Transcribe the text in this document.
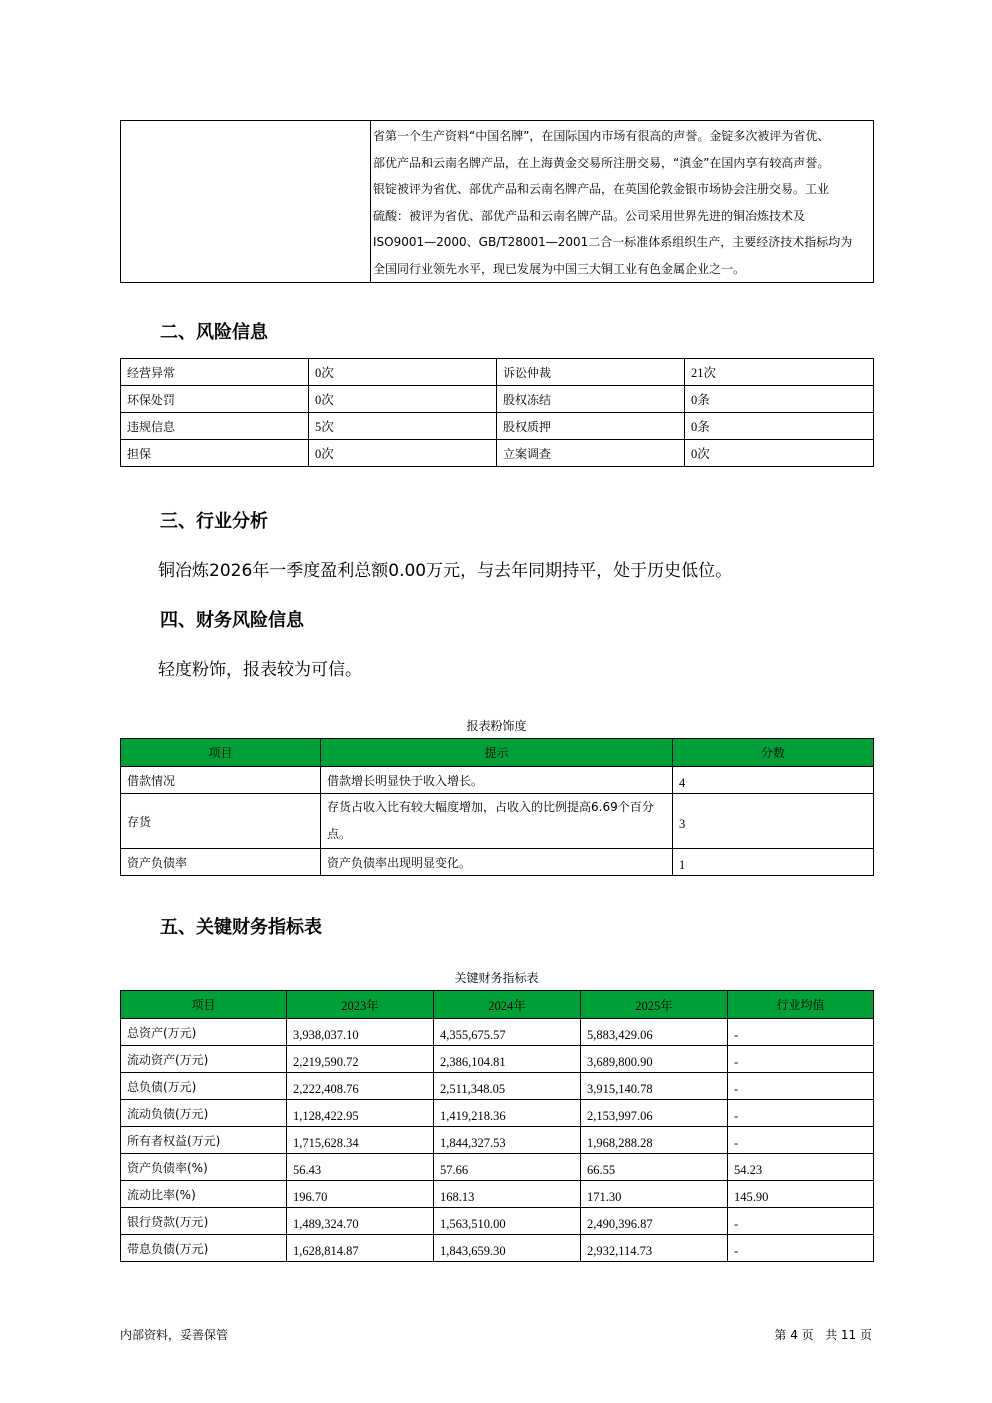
省第一个生产资料“中国名牌”，在国际国内市场有很高的声誉。金锭多次被评为省优、
部优产品和云南名牌产品，在上海黄金交易所注册交易，“滇金”在国内享有较高声誉。
银锭被评为省优、部优产品和云南名牌产品，在英国伦敦金银市场协会注册交易。工业
硫酸：被评为省优、部优产品和云南名牌产品。公司采用世界先进的铜冶炼技术及
ISO9001—2000、GB/T28001—2001二合一标准体系组织生产，主要经济技术指标均为
全国同行业领先水平，现已发展为中国三大铜工业有色金属企业之一。
二、风险信息
经营异常	0次	诉讼仲裁	21次
环保处罚	0次	股权冻结	0条
违规信息	5次	股权质押	0条
担保	0次	立案调查	0次
三、行业分析
铜冶炼2026年一季度盈利总额0.00万元，与去年同期持平，处于历史低位。
四、财务风险信息
轻度粉饰，报表较为可信。
报表粉饰度
项目	提示	分数
借款情况	借款增长明显快于收入增长。	4
存货	存货占收入比有较大幅度增加，占收入的比例提高6.69个百分点。	3
资产负债率	资产负债率出现明显变化。	1
五、关键财务指标表
关键财务指标表
项目	2023年	2024年	2025年	行业均值
总资产(万元)	3,938,037.10	4,355,675.57	5,883,429.06	-
流动资产(万元)	2,219,590.72	2,386,104.81	3,689,800.90	-
总负债(万元)	2,222,408.76	2,511,348.05	3,915,140.78	-
流动负债(万元)	1,128,422.95	1,419,218.36	2,153,997.06	-
所有者权益(万元)	1,715,628.34	1,844,327.53	1,968,288.28	-
资产负债率(%)	56.43	57.66	66.55	54.23
流动比率(%)	196.70	168.13	171.30	145.90
银行贷款(万元)	1,489,324.70	1,563,510.00	2,490,396.87	-
带息负债(万元)	1,628,814.87	1,843,659.30	2,932,114.73	-
内部资料，妥善保管	第 4 页   共 11 页
